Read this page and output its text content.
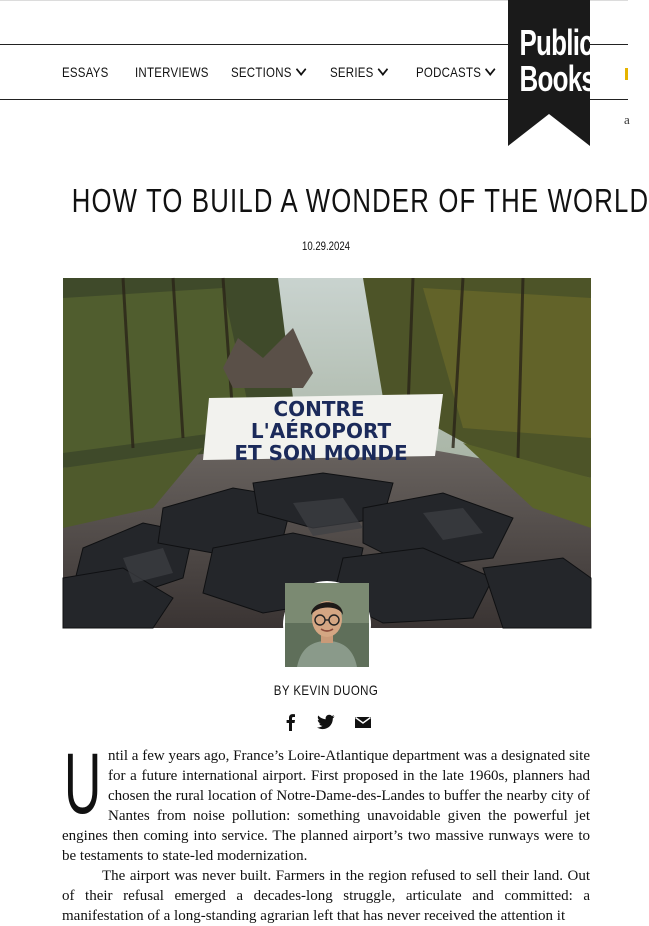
ESSAYS INTERVIEWS SECTIONS	SERIES	PODCASTS
a
Public
Books
HOW TO BUILD A WONDER OF THE WORLD
10.29.2024
CONTRE
L'AÉROPORT
ET SON MONDE
BY KEVIN DUONG

Until a few years ago, France’s Loire-Atlantique department was a designated site for a future international airport. First proposed in the late 1960s, planners had chosen the rural location of Notre-Dame-des-Landes to buffer the nearby city of Nantes from noise pollution: something unavoidable given the powerful jet engines then coming into service. The planned airport’s two massive runways were to be testaments to state-led modernization.

The airport was never built. Farmers in the region refused to sell their land. Out of their refusal emerged a decades-long struggle, articulate and committed: a manifestation of a long-standing agrarian left that has never received the attention it
